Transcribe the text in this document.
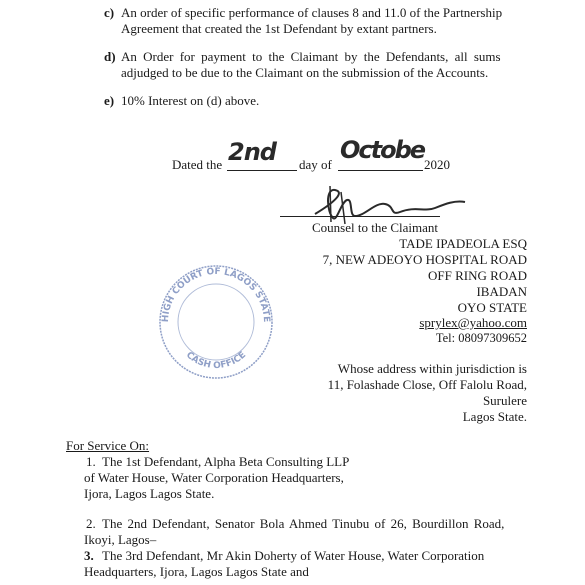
c) An order of specific performance of clauses 8 and 11.0 of the Partnership
Agreement that created the 1st Defendant by extant partners.
d) An Order for payment to the Claimant by the Defendants, all sums
adjudged to be due to the Claimant on the submission of the Accounts.
e) 10% Interest on (d) above.
Dated the 2nd day of
Octobe
2020
Counsel to the Claimant
TADE IPADEOLA ESQ
7, NEW ADEOYO HOSPITAL ROAD
OFF RING ROAD
IBADAN
OYO STATE
sprylex@yahoo.com
Tel: 08097309652
HIGH COURT OF LAGOS STATE
CASH OFFICE
Whose address within jurisdiction is
11, Folashade Close, Off Falolu Road,
Surulere
Lagos State.
For Service On:
1. The 1st Defendant, Alpha Beta Consulting LLP
of Water House, Water Corporation Headquarters,
Ijora, Lagos Lagos State.
2. The 2nd Defendant, Senator Bola Ahmed Tinubu of 26, Bourdillon Road,
Ikoyi, Lagos–
3. The 3rd Defendant, Mr Akin Doherty of Water House, Water Corporation
Headquarters, Ijora, Lagos Lagos State and
